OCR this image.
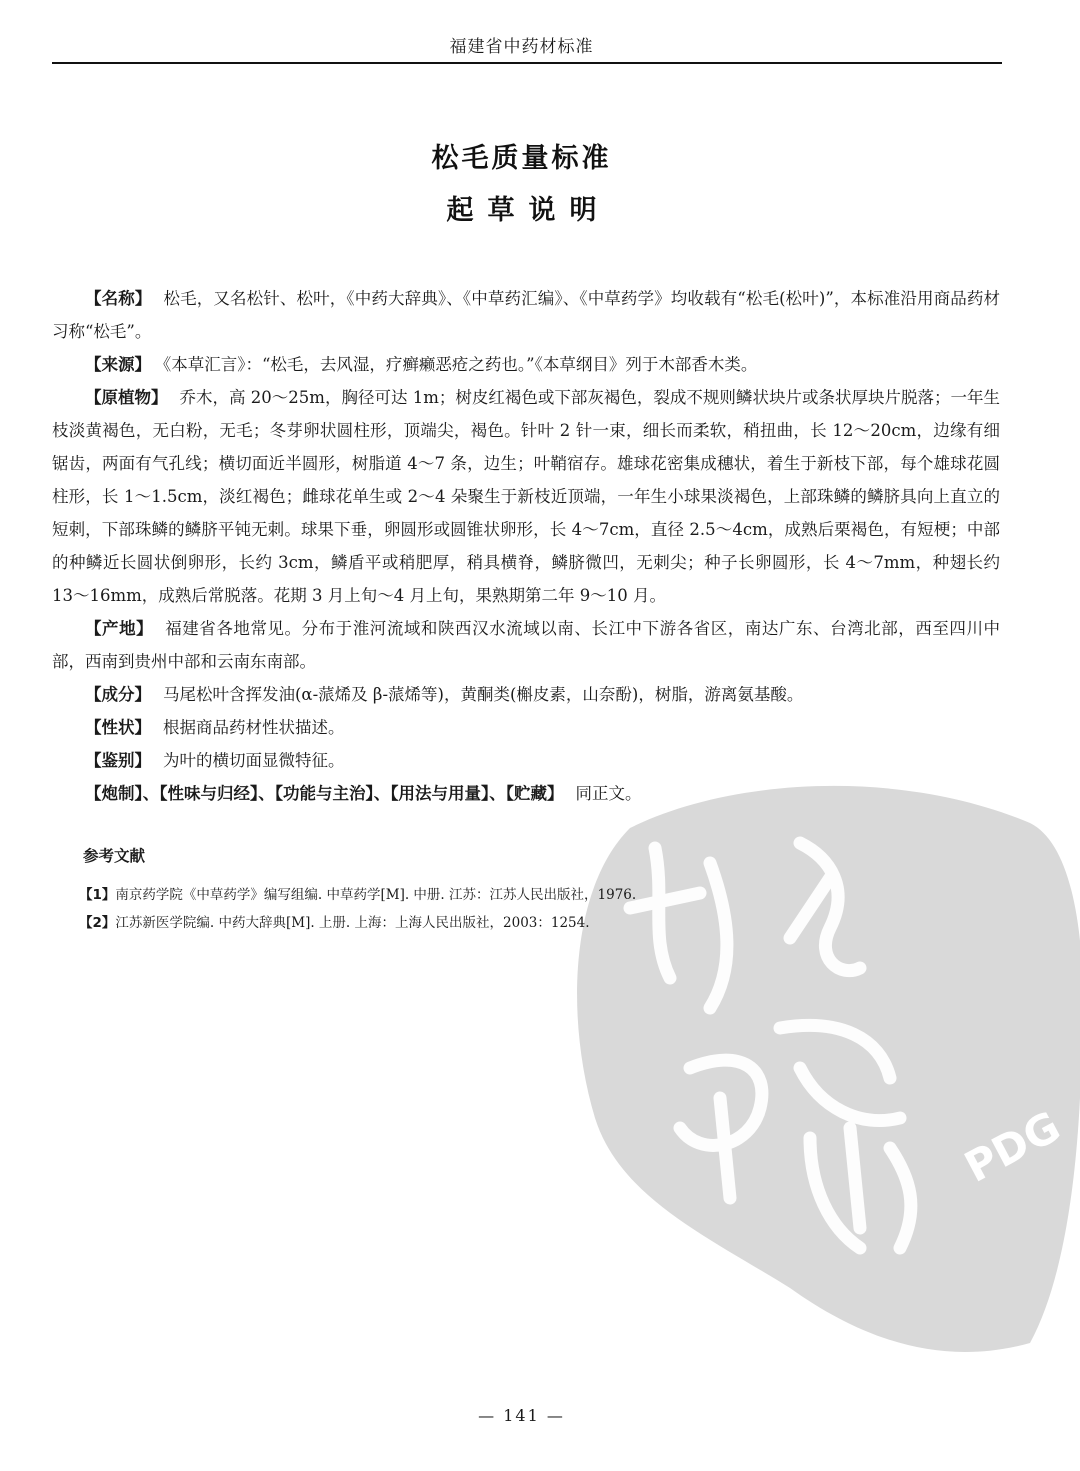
福建省中药材标准
松毛质量标准
起草说明
PDG

【名称】 松毛，又名松针、松叶，《中药大辞典》、《中草药汇编》、《中草药学》均收载有“松毛(松叶)”，本标准沿用商品药材习称“松毛”。

【来源】 《本草汇言》：“松毛，去风湿，疗癣癞恶疮之药也。”《本草纲目》列于木部香木类。

【原植物】 乔木，高 20～25m，胸径可达 1m；树皮红褐色或下部灰褐色，裂成不规则鳞状块片或条状厚块片脱落；一年生枝淡黄褐色，无白粉，无毛；冬芽卵状圆柱形，顶端尖，褐色。针叶 2 针一束，细长而柔软，稍扭曲，长 12～20cm，边缘有细锯齿，两面有气孔线；横切面近半圆形，树脂道 4～7 条，边生；叶鞘宿存。雄球花密集成穗状，着生于新枝下部，每个雄球花圆柱形，长 1～1.5cm，淡红褐色；雌球花单生或 2～4 朵聚生于新枝近顶端，一年生小球果淡褐色，上部珠鳞的鳞脐具向上直立的短刺，下部珠鳞的鳞脐平钝无刺。球果下垂，卵圆形或圆锥状卵形，长 4～7cm，直径 2.5～4cm，成熟后栗褐色，有短梗；中部的种鳞近长圆状倒卵形，长约 3cm，鳞盾平或稍肥厚，稍具横脊，鳞脐微凹，无刺尖；种子长卵圆形，长 4～7mm，种翅长约 13～16mm，成熟后常脱落。花期 3 月上旬～4 月上旬，果熟期第二年 9～10 月。

【产地】 福建省各地常见。分布于淮河流域和陕西汉水流域以南、长江中下游各省区，南达广东、台湾北部，西至四川中部，西南到贵州中部和云南东南部。

【成分】 马尾松叶含挥发油(α-蒎烯及 β-蒎烯等)，黄酮类(槲皮素，山奈酚)，树脂，游离氨基酸。

【性状】 根据商品药材性状描述。

【鉴别】 为叶的横切面显微特征。

【炮制】、【性味与归经】、【功能与主治】、【用法与用量】、【贮藏】 同正文。

参考文献

【1】南京药学院《中草药学》编写组编. 中草药学[M]. 中册. 江苏：江苏人民出版社，1976.

【2】江苏新医学院编. 中药大辞典[M]. 上册. 上海：上海人民出版社，2003：1254.

— 141 —
